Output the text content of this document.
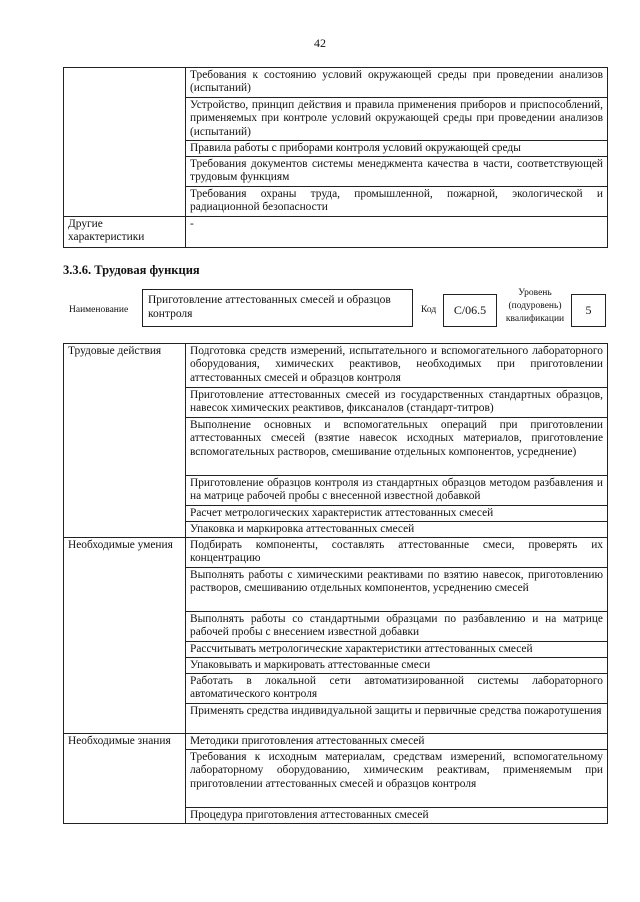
42
	Требования к состоянию условий окружающей среды при проведении анализов (испытаний)
	Устройство, принцип действия и правила применения приборов и приспособлений, применяемых при контроле условий окружающей среды при проведении анализов (испытаний)
	Правила работы с приборами контроля условий окружающей среды
	Требования документов системы менеджмента качества в части, соответствующей трудовым функциям
	Требования охраны труда, промышленной, пожарной, экологической и радиационной безопасности
Другие характеристики	-
3.3.6. Трудовая функция
Наименование
Приготовление аттестованных смесей и образцов контроля	Код	C/06.5
Уровень (подуровень) квалификации
5
Трудовые действия	Подготовка средств измерений, испытательного и вспомогательного лабораторного оборудования, химических реактивов, необходимых при приготовлении аттестованных смесей и образцов контроля
	Приготовление аттестованных смесей из государственных стандартных образцов, навесок химических реактивов, фиксаналов (стандарт-титров)
	Выполнение основных и вспомогательных операций при приготовлении аттестованных смесей (взятие навесок исходных материалов, приготовление вспомогательных растворов, смешивание отдельных компонентов, усреднение)
	Приготовление образцов контроля из стандартных образцов методом разбавления и на матрице рабочей пробы с внесенной известной добавкой
	Расчет метрологических характеристик аттестованных смесей
	Упаковка и маркировка аттестованных смесей
Необходимые умения	Подбирать компоненты, составлять аттестованные смеси, проверять их концентрацию
	Выполнять работы с химическими реактивами по взятию навесок, приготовлению растворов, смешиванию отдельных компонентов, усреднению смесей
	Выполнять работы со стандартными образцами по разбавлению и на матрице рабочей пробы с внесением известной добавки
	Рассчитывать метрологические характеристики аттестованных смесей
	Упаковывать и маркировать аттестованные смеси
	Работать в локальной сети автоматизированной системы лабораторного автоматического контроля
	Применять средства индивидуальной защиты и первичные средства пожаротушения
Необходимые знания	Методики приготовления аттестованных смесей
	Требования к исходным материалам, средствам измерений, вспомогательному лабораторному оборудованию, химическим реактивам, применяемым при приготовлении аттестованных смесей и образцов контроля
	Процедура приготовления аттестованных смесей
